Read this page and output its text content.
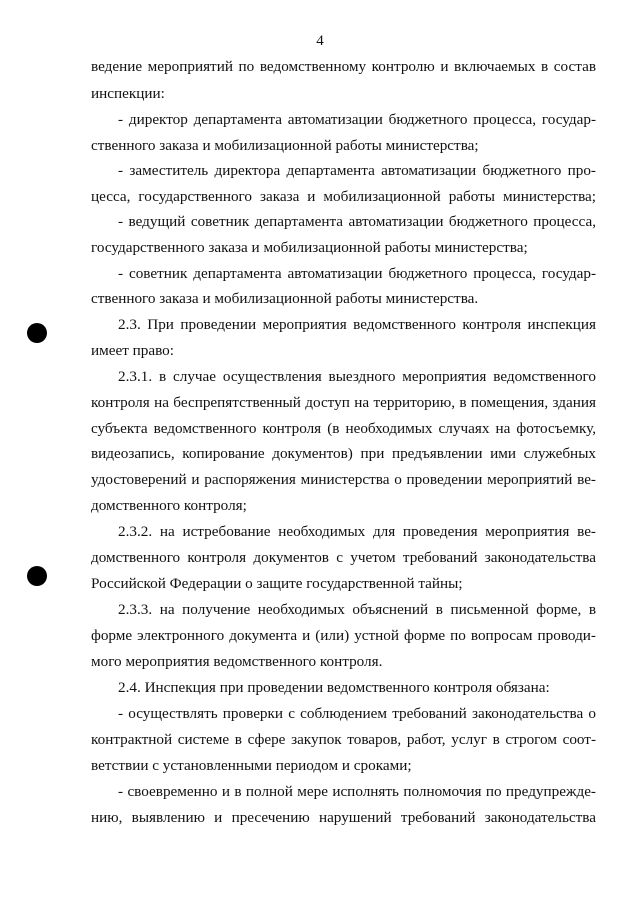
4
ведение мероприятий по ведомственному контролю и включаемых в состав
инспекции:
- директор департамента автоматизации бюджетного процесса, государ-
ственного заказа и мобилизационной работы министерства;
- заместитель директора департамента автоматизации бюджетного про-
цесса, государственного заказа и мобилизационной работы министерства;
- ведущий советник департамента автоматизации бюджетного процесса,
государственного заказа и мобилизационной работы министерства;
- советник департамента автоматизации бюджетного процесса, государ-
ственного заказа и мобилизационной работы министерства.
2.3. При проведении мероприятия ведомственного контроля инспекция
имеет право:
2.3.1. в случае осуществления выездного мероприятия ведомственного
контроля на беспрепятственный доступ на территорию, в помещения, здания
субъекта ведомственного контроля (в необходимых случаях на фотосъемку,
видеозапись, копирование документов) при предъявлении ими служебных
удостоверений и распоряжения министерства о проведении мероприятий ве-
домственного контроля;
2.3.2. на истребование необходимых для проведения мероприятия ве-
домственного контроля документов с учетом требований законодательства
Российской Федерации о защите государственной тайны;
2.3.3. на получение необходимых объяснений в письменной форме, в
форме электронного документа и (или) устной форме по вопросам проводи-
мого мероприятия ведомственного контроля.
2.4. Инспекция при проведении ведомственного контроля обязана:
- осуществлять проверки с соблюдением требований законодательства о
контрактной системе в сфере закупок товаров, работ, услуг в строгом соот-
ветствии с установленными периодом и сроками;
- своевременно и в полной мере исполнять полномочия по предупрежде-
нию, выявлению и пресечению нарушений требований законодательства
